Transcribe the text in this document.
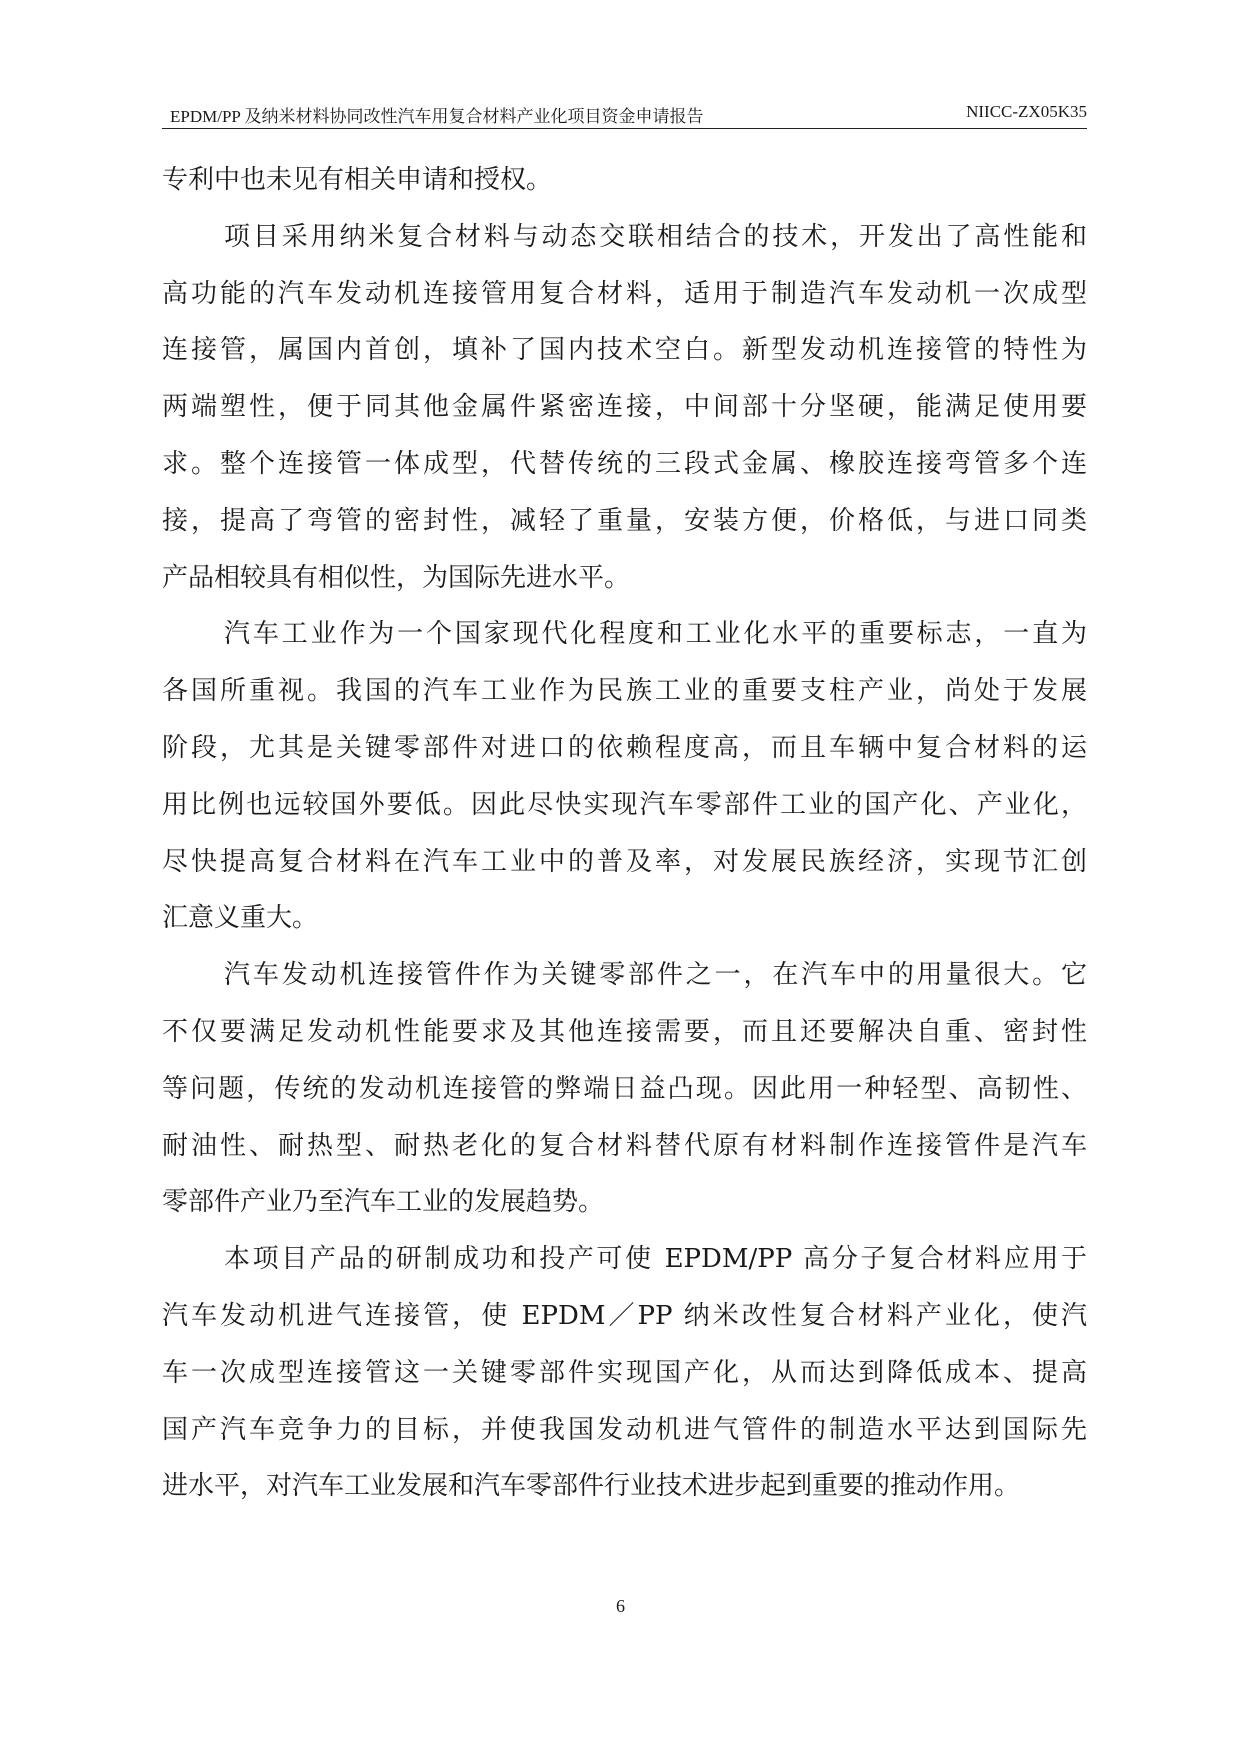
EPDM/PP 及纳米材料协同改性汽车用复合材料产业化项目资金申请报告	NIICC-ZX05K35
专利中也未见有相关申请和授权。
项目采用纳米复合材料与动态交联相结合的技术，开发出了高性能和
高功能的汽车发动机连接管用复合材料，适用于制造汽车发动机一次成型
连接管，属国内首创，填补了国内技术空白。新型发动机连接管的特性为
两端塑性，便于同其他金属件紧密连接，中间部十分坚硬，能满足使用要
求。整个连接管一体成型，代替传统的三段式金属、橡胶连接弯管多个连
接，提高了弯管的密封性，减轻了重量，安装方便，价格低，与进口同类
产品相较具有相似性，为国际先进水平。
汽车工业作为一个国家现代化程度和工业化水平的重要标志，一直为
各国所重视。我国的汽车工业作为民族工业的重要支柱产业，尚处于发展
阶段，尤其是关键零部件对进口的依赖程度高，而且车辆中复合材料的运
用比例也远较国外要低。因此尽快实现汽车零部件工业的国产化、产业化，
尽快提高复合材料在汽车工业中的普及率，对发展民族经济，实现节汇创
汇意义重大。
汽车发动机连接管件作为关键零部件之一，在汽车中的用量很大。它
不仅要满足发动机性能要求及其他连接需要，而且还要解决自重、密封性
等问题，传统的发动机连接管的弊端日益凸现。因此用一种轻型、高韧性、
耐油性、耐热型、耐热老化的复合材料替代原有材料制作连接管件是汽车
零部件产业乃至汽车工业的发展趋势。
本项目产品的研制成功和投产可使 EPDM/PP 高分子复合材料应用于
汽车发动机进气连接管，使 EPDM／PP 纳米改性复合材料产业化，使汽
车一次成型连接管这一关键零部件实现国产化，从而达到降低成本、提高
国产汽车竞争力的目标，并使我国发动机进气管件的制造水平达到国际先
进水平，对汽车工业发展和汽车零部件行业技术进步起到重要的推动作用。
6
